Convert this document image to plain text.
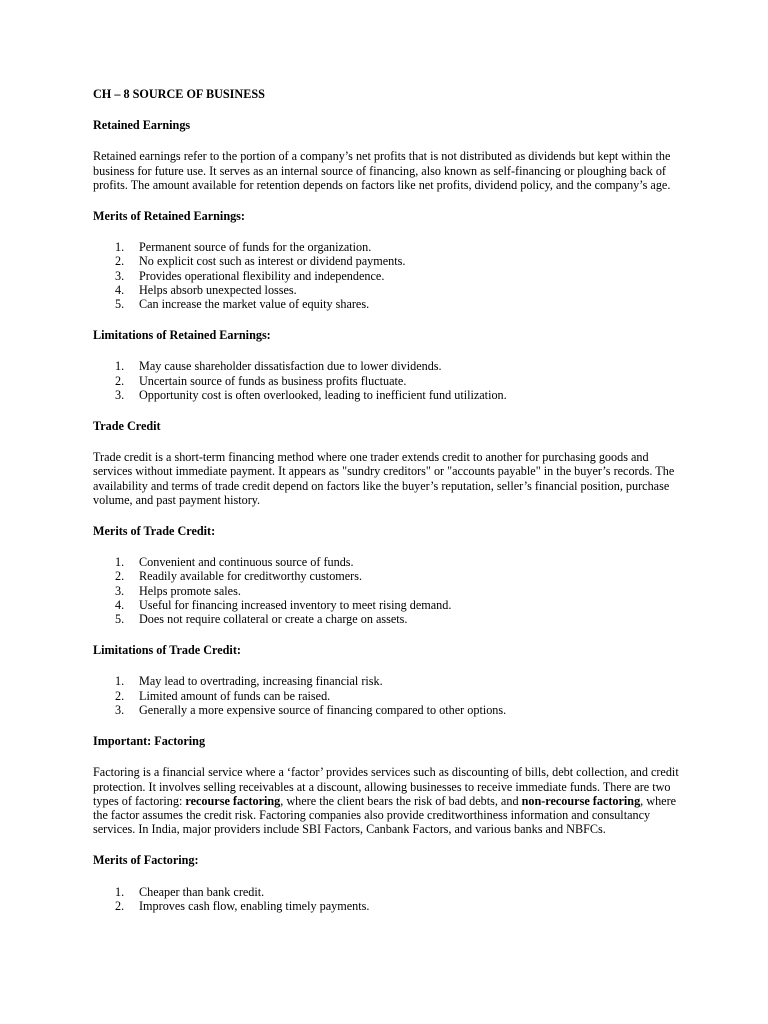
CH – 8 SOURCE OF BUSINESS

Retained Earnings

Retained earnings refer to the portion of a company’s net profits that is not distributed as dividends but kept within the business for future use. It serves as an internal source of financing, also known as self-financing or ploughing back of profits. The amount available for retention depends on factors like net profits, dividend policy, and the company’s age.

Merits of Retained Earnings:

1.	Permanent source of funds for the organization.
2.	No explicit cost such as interest or dividend payments.
3.	Provides operational flexibility and independence.
4.	Helps absorb unexpected losses.
5.	Can increase the market value of equity shares.

Limitations of Retained Earnings:

1.	May cause shareholder dissatisfaction due to lower dividends.
2.	Uncertain source of funds as business profits fluctuate.
3.	Opportunity cost is often overlooked, leading to inefficient fund utilization.

Trade Credit

Trade credit is a short-term financing method where one trader extends credit to another for purchasing goods and services without immediate payment. It appears as "sundry creditors" or "accounts payable" in the buyer’s records. The availability and terms of trade credit depend on factors like the buyer’s reputation, seller’s financial position, purchase volume, and past payment history.

Merits of Trade Credit:

1.	Convenient and continuous source of funds.
2.	Readily available for creditworthy customers.
3.	Helps promote sales.
4.	Useful for financing increased inventory to meet rising demand.
5.	Does not require collateral or create a charge on assets.

Limitations of Trade Credit:

1.	May lead to overtrading, increasing financial risk.
2.	Limited amount of funds can be raised.
3.	Generally a more expensive source of financing compared to other options.

Important: Factoring

Factoring is a financial service where a ‘factor’ provides services such as discounting of bills, debt collection, and credit protection. It involves selling receivables at a discount, allowing businesses to receive immediate funds. There are two types of factoring: recourse factoring, where the client bears the risk of bad debts, and non-recourse factoring, where the factor assumes the credit risk. Factoring companies also provide creditworthiness information and consultancy services. In India, major providers include SBI Factors, Canbank Factors, and various banks and NBFCs.

Merits of Factoring:

1.	Cheaper than bank credit.
2.	Improves cash flow, enabling timely payments.
